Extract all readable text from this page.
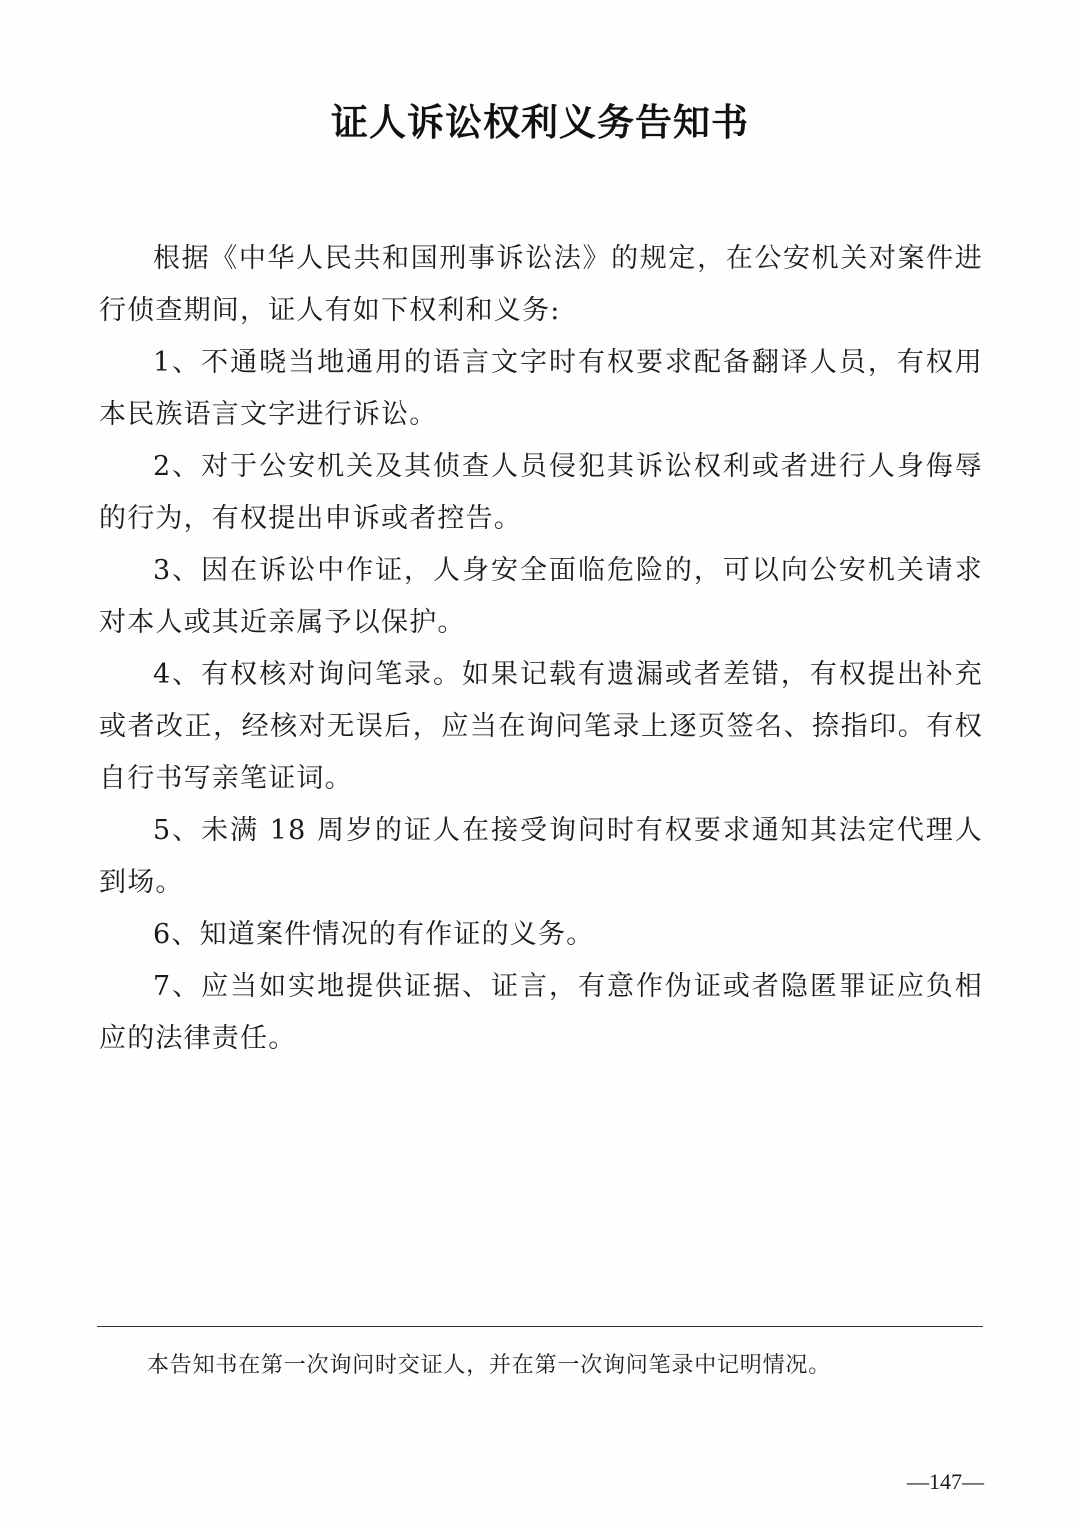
证人诉讼权利义务告知书

根据《中华人民共和国刑事诉讼法》的规定，在公安机关对案件进行侦查期间，证人有如下权利和义务:

1、不通晓当地通用的语言文字时有权要求配备翻译人员，有权用本民族语言文字进行诉讼。

2、对于公安机关及其侦查人员侵犯其诉讼权利或者进行人身侮辱的行为，有权提出申诉或者控告。

3、因在诉讼中作证，人身安全面临危险的，可以向公安机关请求对本人或其近亲属予以保护。

4、有权核对询问笔录。如果记载有遗漏或者差错，有权提出补充或者改正，经核对无误后，应当在询问笔录上逐页签名、捺指印。有权自行书写亲笔证词。

5、未满 18 周岁的证人在接受询问时有权要求通知其法定代理人到场。

6、知道案件情况的有作证的义务。

7、应当如实地提供证据、证言，有意作伪证或者隐匿罪证应负相应的法律责任。

本告知书在第一次询问时交证人，并在第一次询问笔录中记明情况。
—147—
